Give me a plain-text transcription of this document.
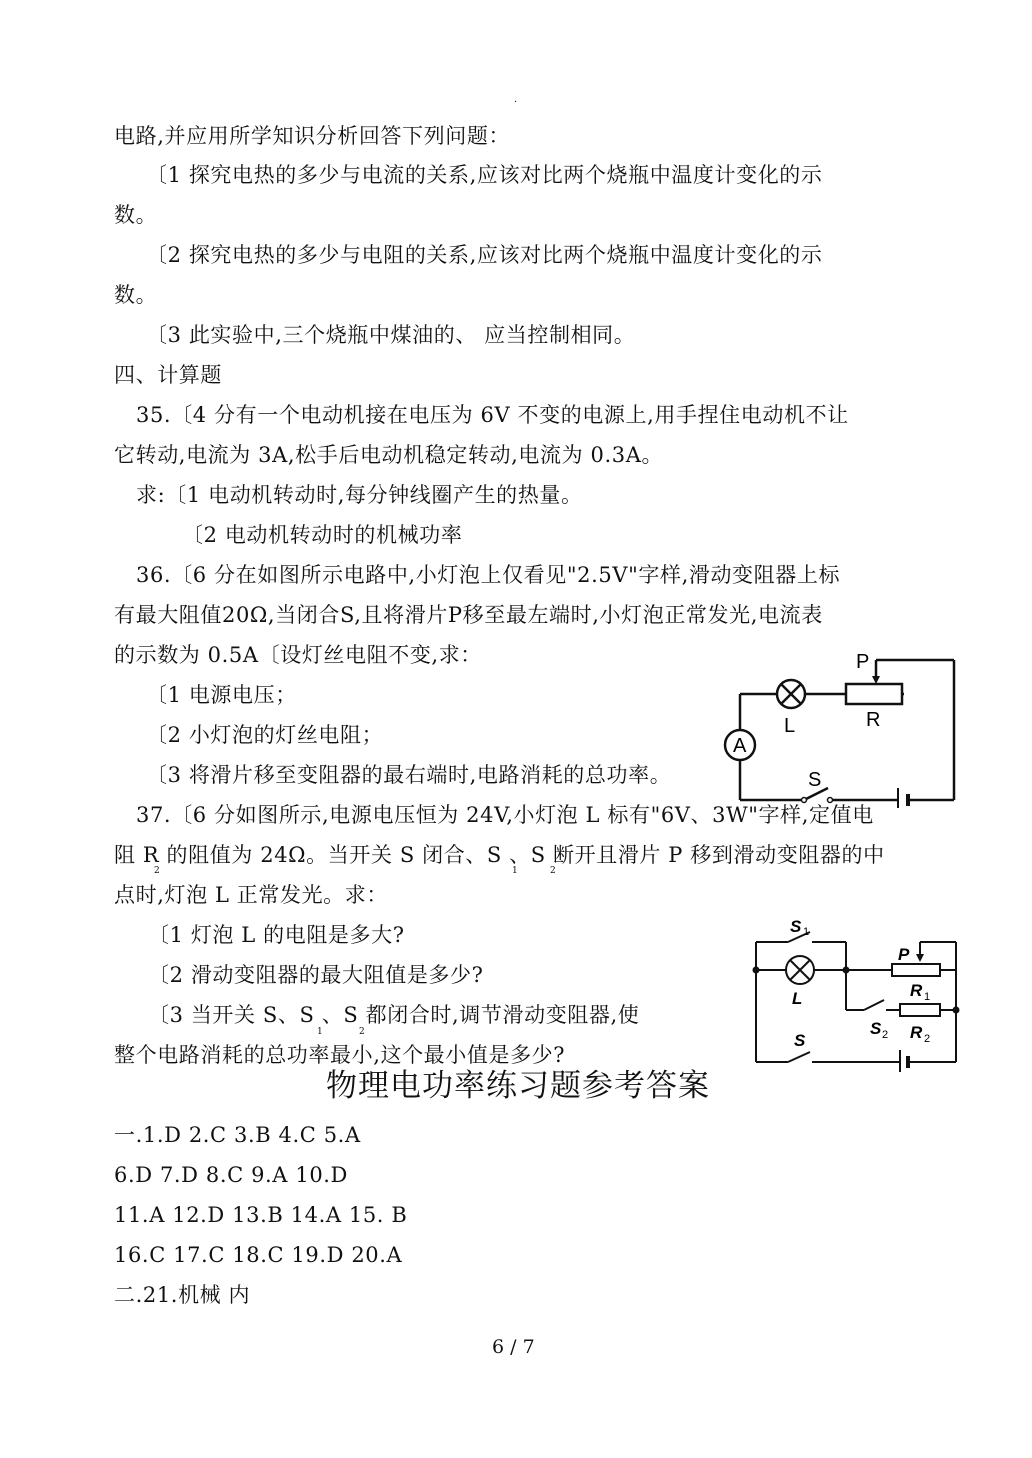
·
电路,并应用所学知识分析回答下列问题：
〔1 探究电热的多少与电流的关系,应该对比两个烧瓶中温度计变化的示
数。
〔2 探究电热的多少与电阻的关系,应该对比两个烧瓶中温度计变化的示
数。
〔3 此实验中,三个烧瓶中煤油的、 应当控制相同。
四、计算题
35.〔4 分有一个电动机接在电压为 6V 不变的电源上,用手捏住电动机不让
它转动,电流为 3A,松手后电动机稳定转动,电流为 0.3A。
求:〔1 电动机转动时,每分钟线圈产生的热量。
〔2 电动机转动时的机械功率
36.〔6 分在如图所示电路中,小灯泡上仅看见"2.5V"字样,滑动变阻器上标
有最大阻值20Ω,当闭合S,且将滑片P移至最左端时,小灯泡正常发光,电流表
的示数为 0.5A〔设灯丝电阻不变,求：
〔1 电源电压；
〔2 小灯泡的灯丝电阻；
〔3 将滑片移至变阻器的最右端时,电路消耗的总功率。
37.〔6 分如图所示,电源电压恒为 24V,小灯泡 L 标有"6V、3W"字样,定值电
阻 R 的阻值为 24Ω。当开关 S 闭合、S 、S 断开且滑片 P 移到滑动变阻器的中
2	1	2
点时,灯泡 L 正常发光。求：
〔1 灯泡 L 的电阻是多大?
〔2 滑动变阻器的最大阻值是多少?
〔3 当开关 S、S 、S 都闭合时,调节滑动变阻器,使
1	2
整个电路消耗的总功率最小,这个最小值是多少?
物理电功率练习题参考答案
一.1.D 2.C 3.B 4.C 5.A
6.D 7.D 8.C 9.A 10.D
11.A 12.D 13.B 14.A 15. B
16.C 17.C 18.C 19.D 20.A
二.21.机械 内
6 / 7
P
L	R
A
S
S 1
P
L	R 1
S 2 R 2
S
